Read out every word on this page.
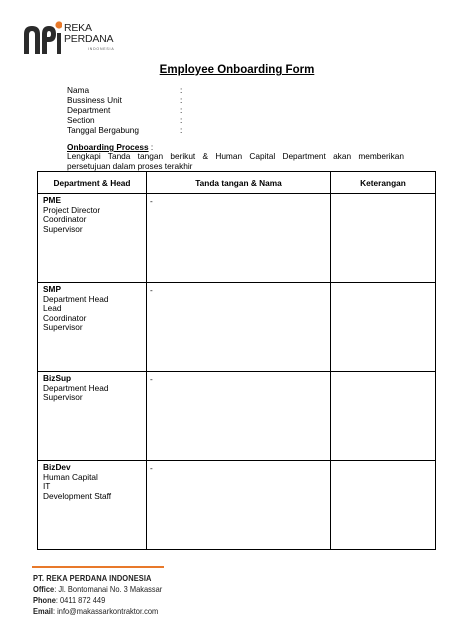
REKA
PERDANA
INDONESIA
Employee Onboarding Form
Nama	:
Bussiness Unit	:
Department	:
Section	:
Tanggal Bergabung	:
Onboarding Process :
Lengkapi Tanda tangan berikut & Human Capital Department akan memberikan persetujuan dalam proses terakhir
Department & Head	Tanda tangan & Nama	Keterangan

PME
Project Director
Coordinator
Supervisor	-	

SMP
Department Head
Lead
Coordinator
Supervisor	-	

BizSup
Department Head
Supervisor	-	

BizDev
Human Capital
IT
Development Staff	-	
PT. REKA PERDANA INDONESIA
Office: Jl. Bontomanai No. 3 Makassar
Phone: 0411 872 449
Email: info@makassarkontraktor.com
